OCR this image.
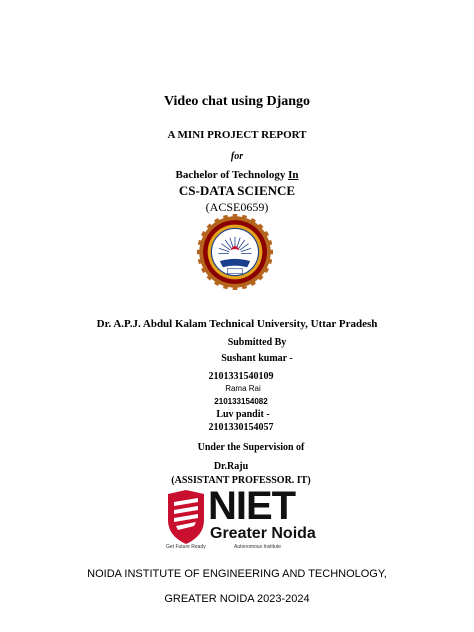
Video chat using Django
A MINI PROJECT REPORT
for
Bachelor of Technology In
CS-DATA SCIENCE
(ACSE0659)
Dr. A.P.J. Abdul Kalam Technical University, Uttar Pradesh
Submitted By
Sushant kumar -
2101331540109
Rama Rai
210133154082
Luv pandit -
2101330154057
Under the Supervision of
Dr.Raju
(ASSISTANT PROFESSOR. IT)
NIET
Greater Noida
Get Future Ready	Autonomous Institute
NOIDA INSTITUTE OF ENGINEERING AND TECHNOLOGY,
GREATER NOIDA 2023-2024
